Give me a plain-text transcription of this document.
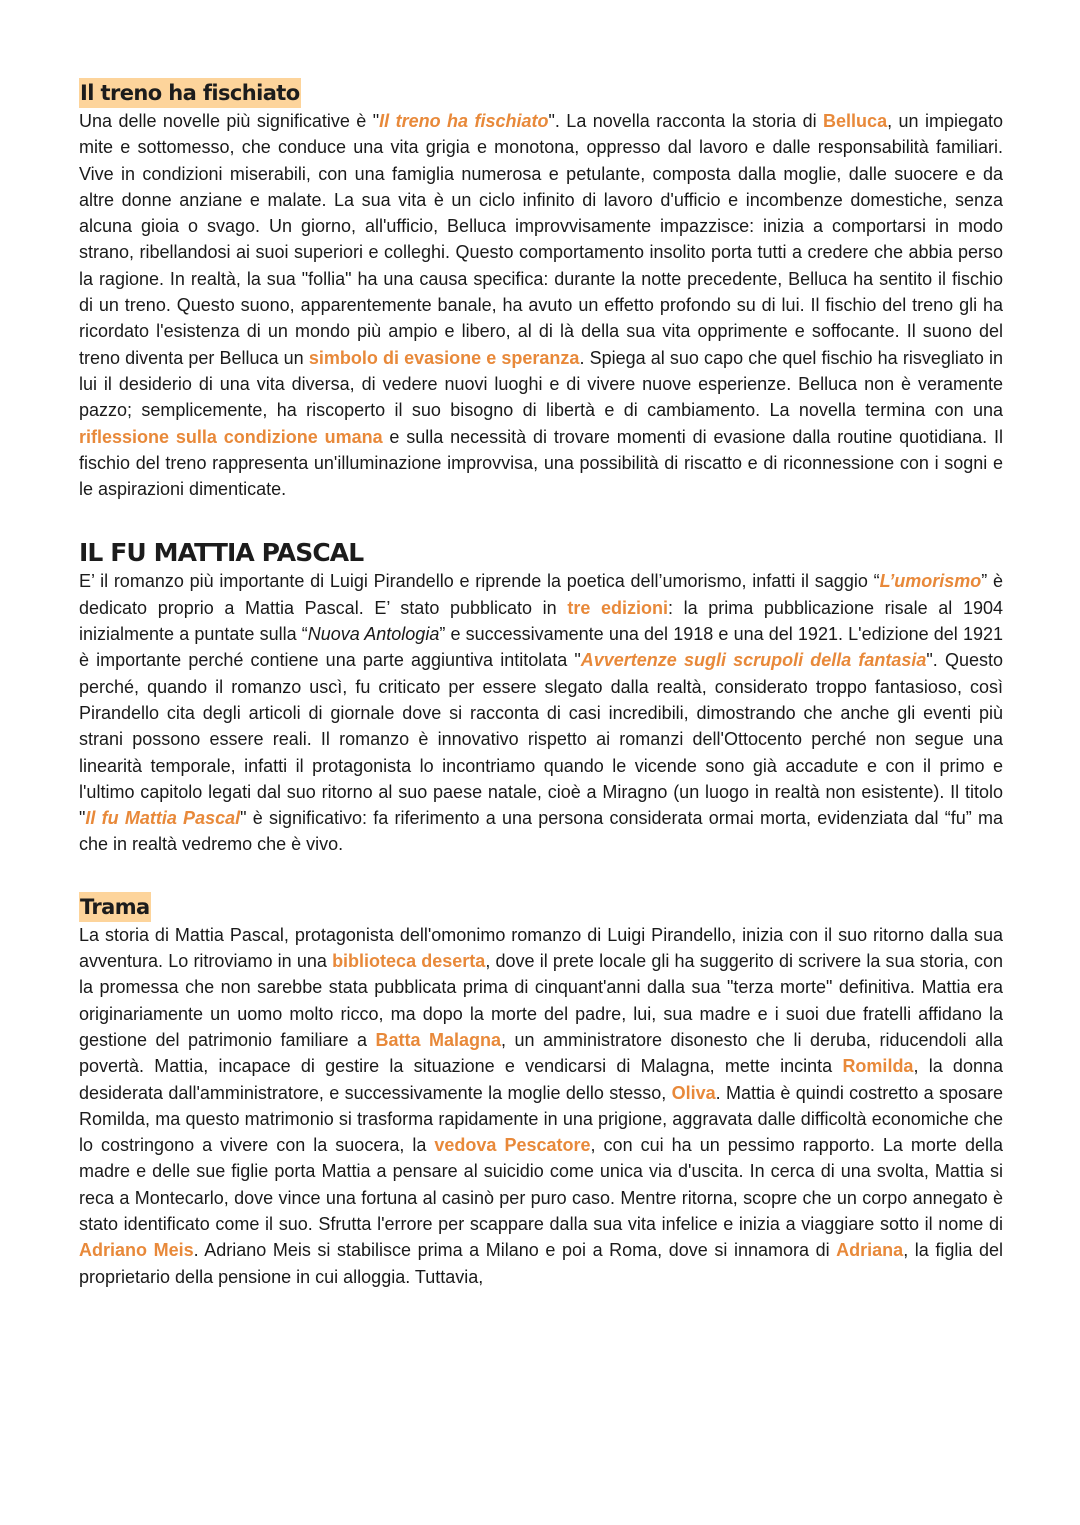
Il treno ha fischiato

Una delle novelle più significative è "Il treno ha fischiato". La novella racconta la storia di Belluca, un impiegato mite e sottomesso, che conduce una vita grigia e monotona, oppresso dal lavoro e dalle responsabilità familiari. Vive in condizioni miserabili, con una famiglia numerosa e petulante, composta dalla moglie, dalle suocere e da altre donne anziane e malate. La sua vita è un ciclo infinito di lavoro d'ufficio e incombenze domestiche, senza alcuna gioia o svago. Un giorno, all'ufficio, Belluca improvvisamente impazzisce: inizia a comportarsi in modo strano, ribellandosi ai suoi superiori e colleghi. Questo comportamento insolito porta tutti a credere che abbia perso la ragione. In realtà, la sua "follia" ha una causa specifica: durante la notte precedente, Belluca ha sentito il fischio di un treno. Questo suono, apparentemente banale, ha avuto un effetto profondo su di lui. Il fischio del treno gli ha ricordato l'esistenza di un mondo più ampio e libero, al di là della sua vita opprimente e soffocante. Il suono del treno diventa per Belluca un simbolo di evasione e speranza. Spiega al suo capo che quel fischio ha risvegliato in lui il desiderio di una vita diversa, di vedere nuovi luoghi e di vivere nuove esperienze. Belluca non è veramente pazzo; semplicemente, ha riscoperto il suo bisogno di libertà e di cambiamento. La novella termina con una riflessione sulla condizione umana e sulla necessità di trovare momenti di evasione dalla routine quotidiana. Il fischio del treno rappresenta un'illuminazione improvvisa, una possibilità di riscatto e di riconnessione con i sogni e le aspirazioni dimenticate.

IL FU MATTIA PASCAL

E’ il romanzo più importante di Luigi Pirandello e riprende la poetica dell’umorismo, infatti il saggio “L’umorismo” è dedicato proprio a Mattia Pascal. E’ stato pubblicato in tre edizioni: la prima pubblicazione risale al 1904 inizialmente a puntate sulla “Nuova Antologia” e successivamente una del 1918 e una del 1921. L'edizione del 1921 è importante perché contiene una parte aggiuntiva intitolata "Avvertenze sugli scrupoli della fantasia". Questo perché, quando il romanzo uscì, fu criticato per essere slegato dalla realtà, considerato troppo fantasioso, così Pirandello cita degli articoli di giornale dove si racconta di casi incredibili, dimostrando che anche gli eventi più strani possono essere reali. Il romanzo è innovativo rispetto ai romanzi dell'Ottocento perché non segue una linearità temporale, infatti il protagonista lo incontriamo quando le vicende sono già accadute e con il primo e l'ultimo capitolo legati dal suo ritorno al suo paese natale, cioè a Miragno (un luogo in realtà non esistente). Il titolo "Il fu Mattia Pascal" è significativo: fa riferimento a una persona considerata ormai morta, evidenziata dal “fu” ma che in realtà vedremo che è vivo.

Trama

La storia di Mattia Pascal, protagonista dell'omonimo romanzo di Luigi Pirandello, inizia con il suo ritorno dalla sua avventura. Lo ritroviamo in una biblioteca deserta, dove il prete locale gli ha suggerito di scrivere la sua storia, con la promessa che non sarebbe stata pubblicata prima di cinquant'anni dalla sua "terza morte" definitiva. Mattia era originariamente un uomo molto ricco, ma dopo la morte del padre, lui, sua madre e i suoi due fratelli affidano la gestione del patrimonio familiare a Batta Malagna, un amministratore disonesto che li deruba, riducendoli alla povertà. Mattia, incapace di gestire la situazione e vendicarsi di Malagna, mette incinta Romilda, la donna desiderata dall'amministratore, e successivamente la moglie dello stesso, Oliva. Mattia è quindi costretto a sposare Romilda, ma questo matrimonio si trasforma rapidamente in una prigione, aggravata dalle difficoltà economiche che lo costringono a vivere con la suocera, la vedova Pescatore, con cui ha un pessimo rapporto. La morte della madre e delle sue figlie porta Mattia a pensare al suicidio come unica via d'uscita. In cerca di una svolta, Mattia si reca a Montecarlo, dove vince una fortuna al casinò per puro caso. Mentre ritorna, scopre che un corpo annegato è stato identificato come il suo. Sfrutta l'errore per scappare dalla sua vita infelice e inizia a viaggiare sotto il nome di Adriano Meis. Adriano Meis si stabilisce prima a Milano e poi a Roma, dove si innamora di Adriana, la figlia del proprietario della pensione in cui alloggia. Tuttavia,
